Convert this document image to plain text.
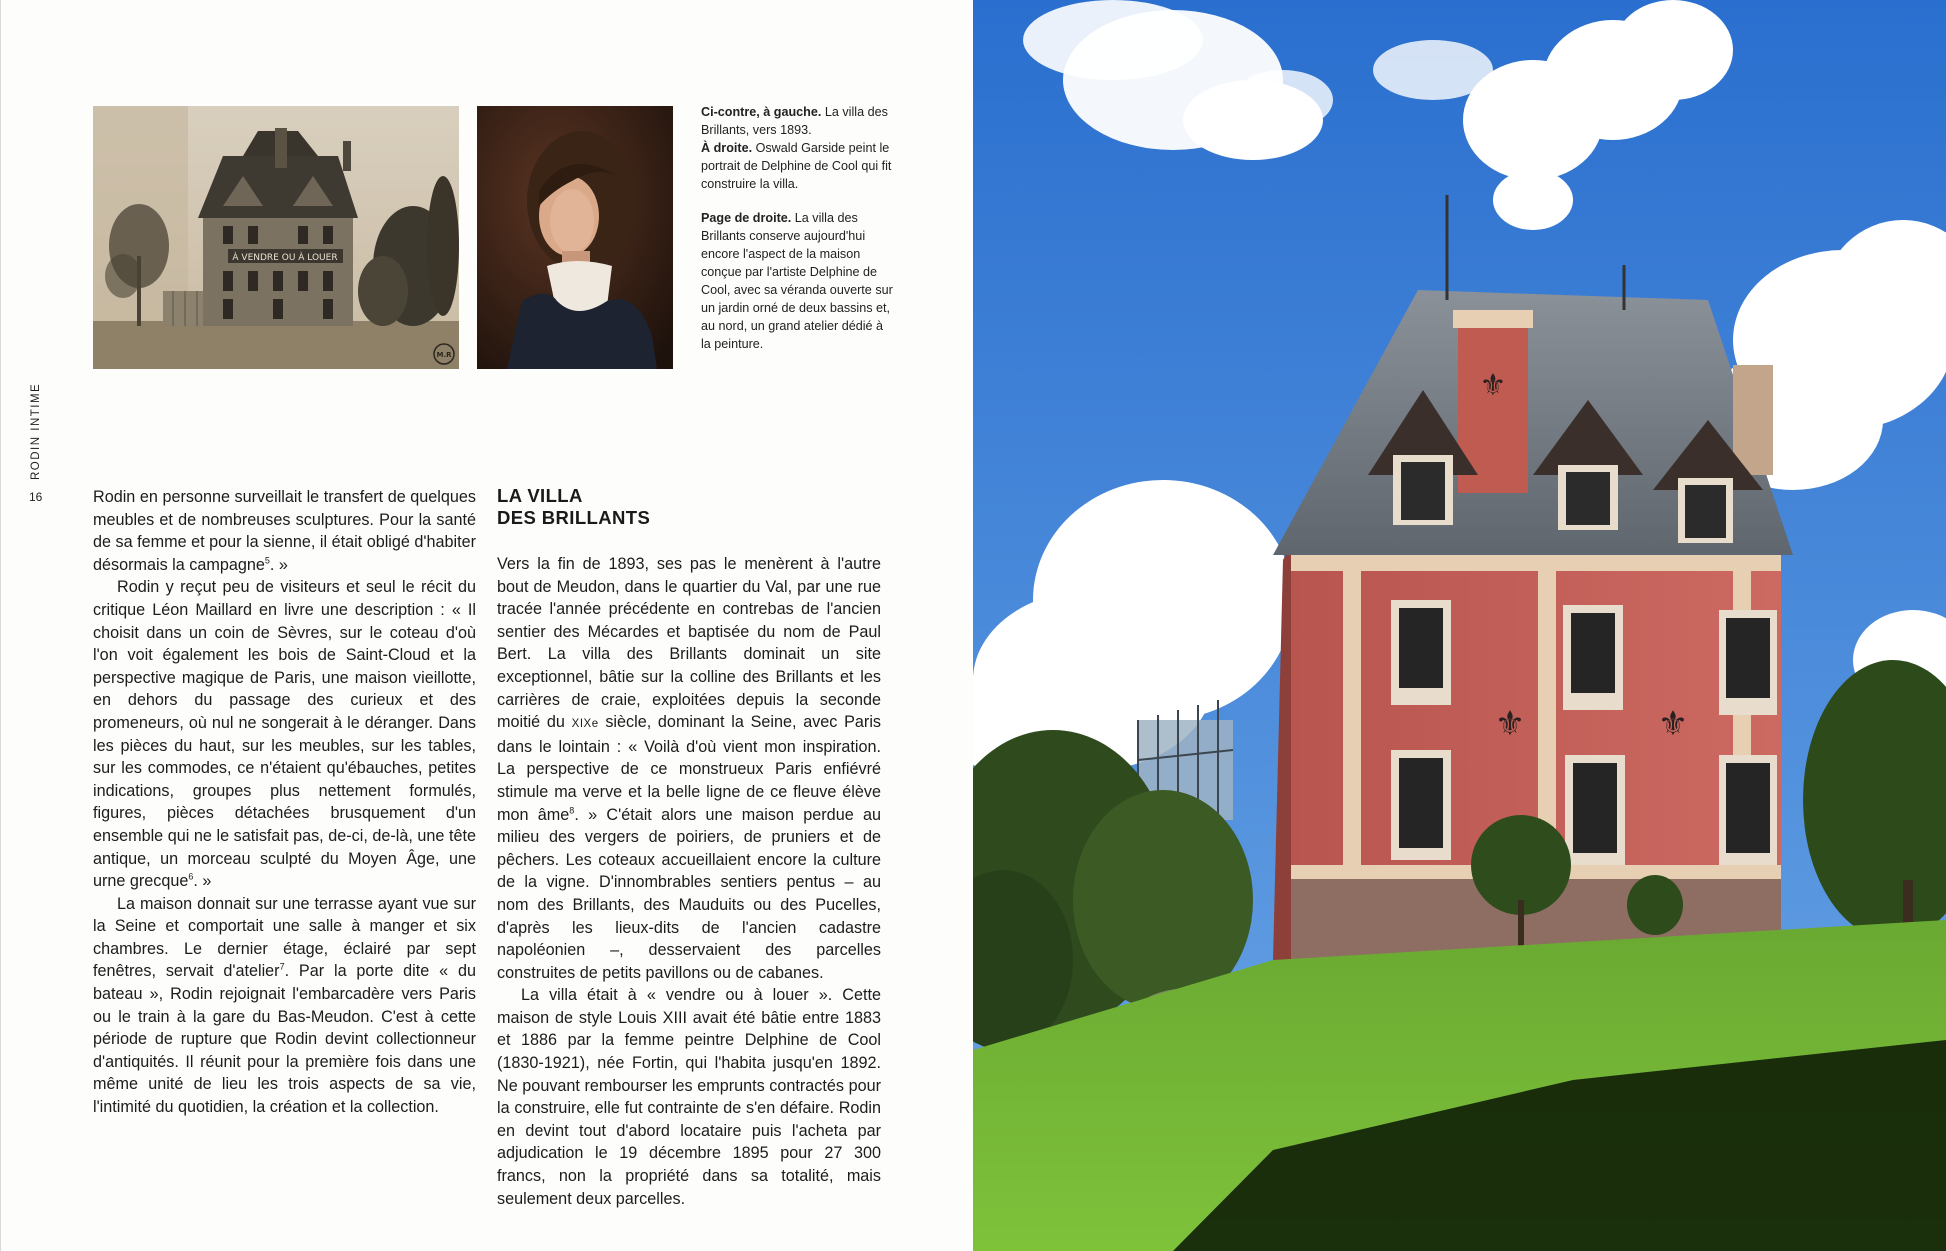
À VENDRE OU À LOUER
M.R

Ci-contre, à gauche. La villa des Brillants, vers 1893.
À droite. Oswald Garside peint le portrait de Delphine de Cool qui fit construire la villa.

Page de droite. La villa des Brillants conserve aujourd'hui encore l'aspect de la maison conçue par l'artiste Delphine de Cool, avec sa véranda ouverte sur un jardin orné de deux bassins et, au nord, un grand atelier dédié à la peinture.

RODIN INTIME
16	Rodin en personne surveillait le transfert de quelques meubles et de nombreuses sculptures. Pour la santé de sa femme et pour la sienne, il était obligé d'habiter désormais la campagne$^5$. »

Rodin y reçut peu de visiteurs et seul le récit du critique Léon Maillard en livre une description : « Il choisit dans un coin de Sèvres, sur le coteau d'où l'on voit également les bois de Saint-Cloud et la perspective magique de Paris, une maison vieillotte, en dehors du passage des curieux et des promeneurs, où nul ne songerait à le déranger. Dans les pièces du haut, sur les meubles, sur les tables, sur les commodes, ce n'étaient qu'ébauches, petites indications, groupes plus nettement formulés, figures, pièces détachées brusquement d'un ensemble qui ne le satisfait pas, de-ci, de-là, une tête antique, un morceau sculpté du Moyen Âge, une urne grecque$^6$. »

La maison donnait sur une terrasse ayant vue sur la Seine et comportait une salle à manger et six chambres. Le dernier étage, éclairé par sept fenêtres, servait d'atelier$^7$. Par la porte dite « du bateau », Rodin rejoignait l'embarcadère vers Paris ou le train à la gare du Bas-Meudon. C'est à cette période de rupture que Rodin devint collectionneur d'antiquités. Il réunit pour la première fois dans une même unité de lieu les trois aspects de sa vie, l'intimité du quotidien, la création et la collection.

LA VILLA
DES BRILLANTS

Vers la fin de 1893, ses pas le menèrent à l'autre bout de Meudon, dans le quartier du Val, par une rue tracée l'année précédente en contrebas de l'ancien sentier des Mécardes et baptisée du nom de Paul Bert. La villa des Brillants dominait un site exceptionnel, bâtie sur la colline des Brillants et les carrières de craie, exploitées depuis la seconde moitié du XIXe siècle, dominant la Seine, avec Paris dans le lointain : « Voilà d'où vient mon inspiration. La perspective de ce monstrueux Paris enfiévré stimule ma verve et la belle ligne de ce fleuve élève mon âme$^8$. » C'était alors une maison perdue au milieu des vergers de poiriers, de pruniers et de pêchers. Les coteaux accueillaient encore la culture de la vigne. D'innombrables sentiers pentus – au nom des Brillants, des Mauduits ou des Pucelles, d'après les lieux-dits de l'ancien cadastre napoléonien –, desservaient des parcelles construites de petits pavillons ou de cabanes.

La villa était à « vendre ou à louer ». Cette maison de style Louis XIII avait été bâtie entre 1883 et 1886 par la femme peintre Delphine de Cool (1830-1921), née Fortin, qui l'habita jusqu'en 1892. Ne pouvant rembourser les emprunts contractés pour la construire, elle fut contrainte de s'en défaire. Rodin en devint tout d'abord locataire puis l'acheta par adjudication le 19 décembre 1895 pour 27 300 francs, non la propriété dans sa totalité, mais seulement deux parcelles.

⚜
⚜	⚜
